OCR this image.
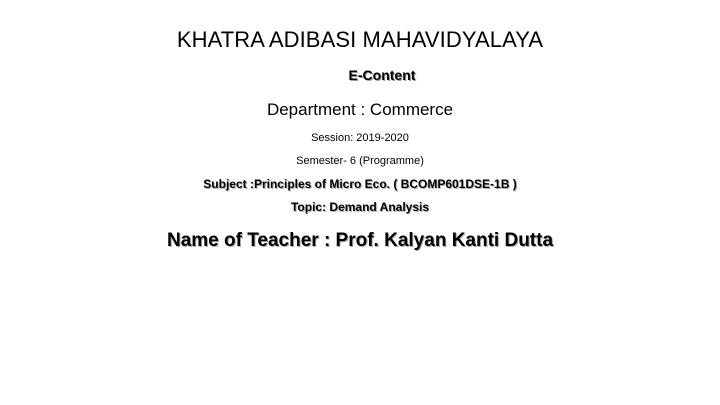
KHATRA ADIBASI MAHAVIDYALAYA
E-Content
Department : Commerce
Session: 2019-2020
Semester- 6 (Programme)
Subject :Principles of Micro Eco. ( BCOMP601DSE-1B )
Topic: Demand Analysis
Name of Teacher : Prof. Kalyan Kanti Dutta
